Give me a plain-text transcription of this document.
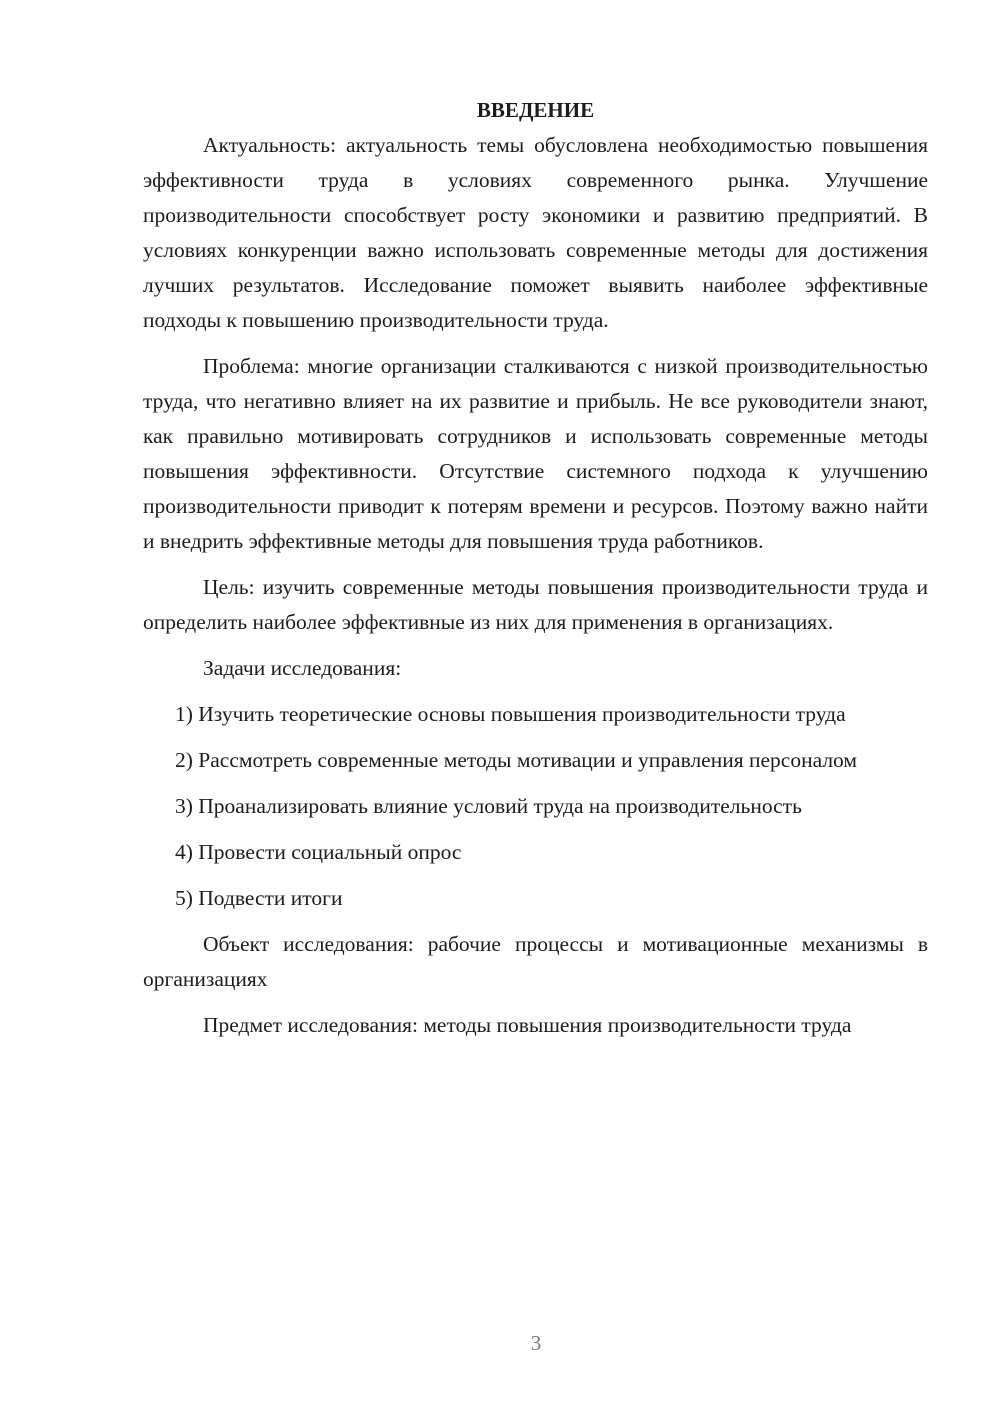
ВВЕДЕНИЕ

Актуальность: актуальность темы обусловлена необходимостью повышения эффективности труда в условиях современного рынка. Улучшение производительности способствует росту экономики и развитию предприятий. В условиях конкуренции важно использовать современные методы для достижения лучших результатов. Исследование поможет выявить наиболее эффективные подходы к повышению производительности труда.

Проблема: многие организации сталкиваются с низкой производительностью труда, что негативно влияет на их развитие и прибыль. Не все руководители знают, как правильно мотивировать сотрудников и использовать современные методы повышения эффективности. Отсутствие системного подхода к улучшению производительности приводит к потерям времени и ресурсов. Поэтому важно найти и внедрить эффективные методы для повышения труда работников.

Цель: изучить современные методы повышения производительности труда и определить наиболее эффективные из них для применения в организациях.

Задачи исследования:

1) Изучить теоретические основы повышения производительности труда

2) Рассмотреть современные методы мотивации и управления персоналом

3) Проанализировать влияние условий труда на производительность

4) Провести социальный опрос

5) Подвести итоги

Объект исследования: рабочие процессы и мотивационные механизмы в организациях

Предмет исследования: методы повышения производительности труда

3
